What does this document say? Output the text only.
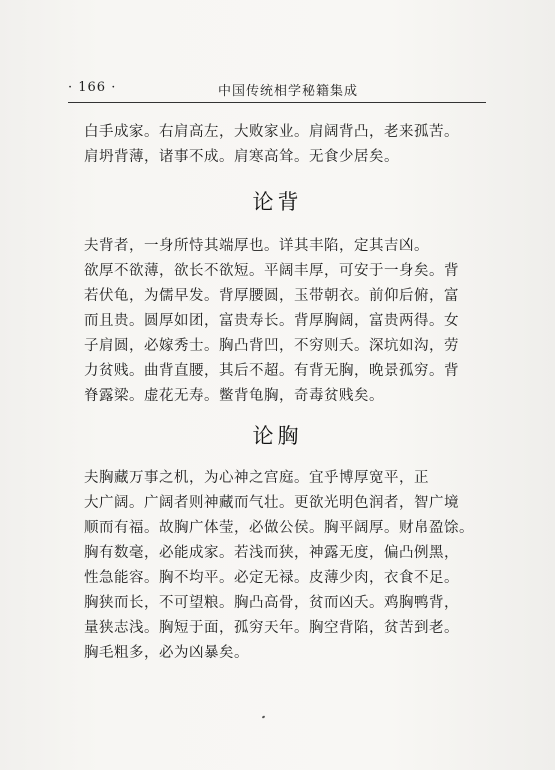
· 166 ·	中国传统相学秘籍集成
白手成家。右肩高左，大败家业。肩阔背凸，老来孤苦。
肩坍背薄，诸事不成。肩寒高耸。无食少居矣。
论背
夫背者，一身所恃其端厚也。详其丰陷，定其吉凶。
欲厚不欲薄，欲长不欲短。平阔丰厚，可安于一身矣。背
若伏龟，为儒早发。背厚腰圆，玉带朝衣。前仰后俯，富
而且贵。圆厚如团，富贵寿长。背厚胸阔，富贵两得。女
子肩圆，必嫁秀士。胸凸背凹，不穷则夭。深坑如沟，劳
力贫贱。曲背直腰，其后不超。有背无胸，晚景孤穷。背
脊露梁。虚花无寿。鳖背龟胸，奇毒贫贱矣。
论胸
夫胸藏万事之机，为心神之宫庭。宜乎博厚宽平，正
大广阔。广阔者则神藏而气壮。更欲光明色润者，智广境
顺而有福。故胸广体莹，必做公侯。胸平阔厚。财帛盈馀。
胸有数毫，必能成家。若浅而狭，神露无度，偏凸例黑，
性急能容。胸不均平。必定无禄。皮薄少肉，衣食不足。
胸狭而长，不可望粮。胸凸高骨，贫而凶夭。鸡胸鸭背，
量狭志浅。胸短于面，孤穷天年。胸空背陷，贫苦到老。
胸毛粗多，必为凶暴矣。
